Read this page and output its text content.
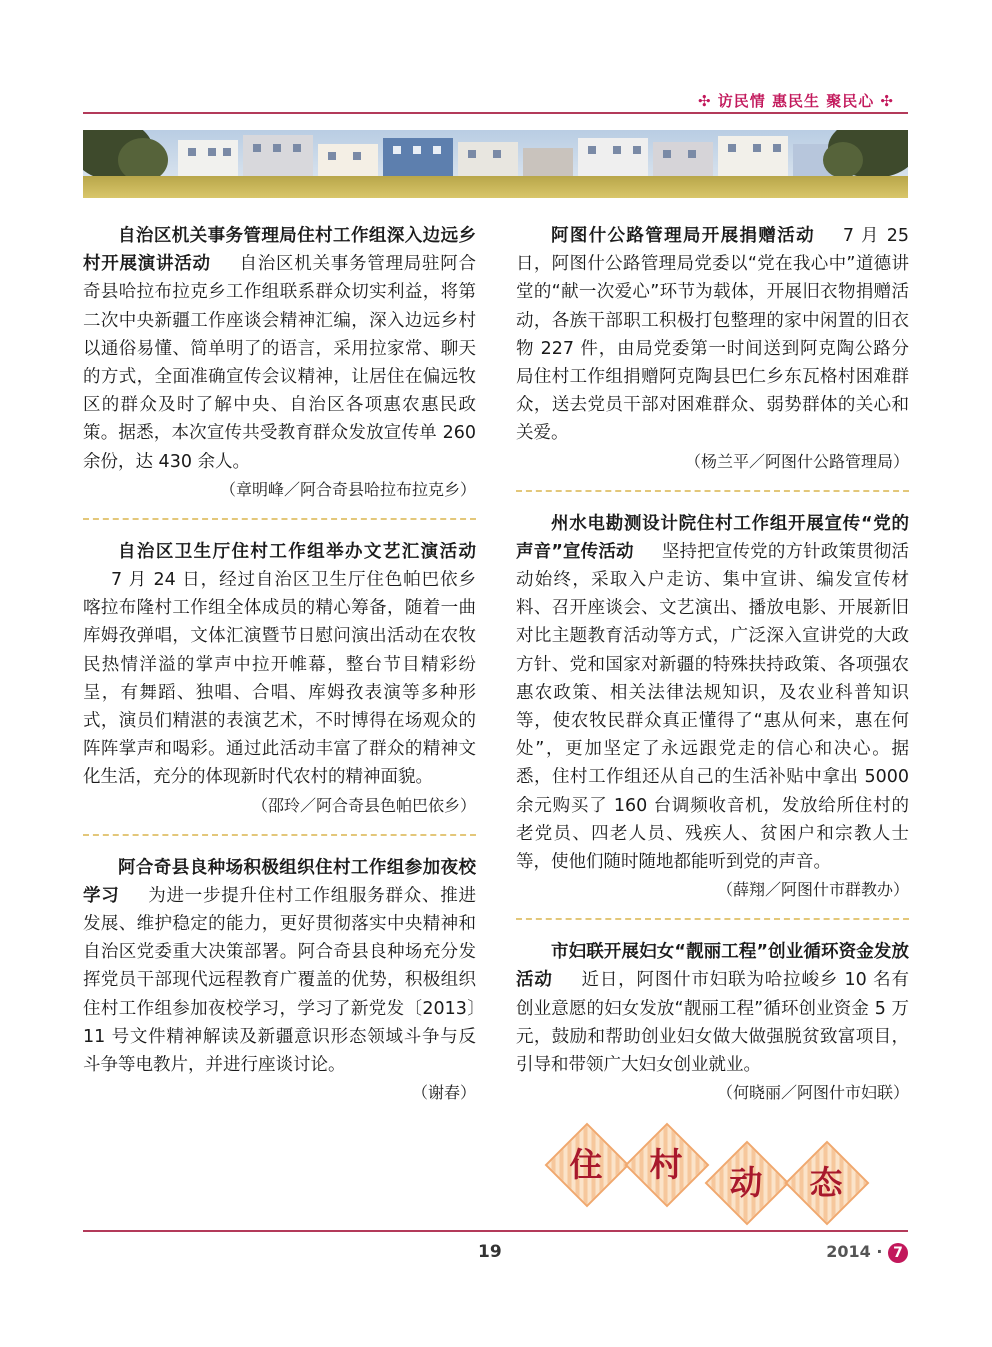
✣ 访民情 惠民生 聚民心 ✣

自治区机关事务管理局住村工作组深入边远乡村开展演讲活动 自治区机关事务管理局驻阿合奇县哈拉布拉克乡工作组联系群众切实利益，将第二次中央新疆工作座谈会精神汇编，深入边远乡村以通俗易懂、简单明了的语言，采用拉家常、聊天的方式，全面准确宣传会议精神，让居住在偏远牧区的群众及时了解中央、自治区各项惠农惠民政策。据悉，本次宣传共受教育群众发放宣传单 260 余份，达 430 余人。
（章明峰／阿合奇县哈拉布拉克乡）

自治区卫生厅住村工作组举办文艺汇演活动7 月 24 日，经过自治区卫生厅住色帕巴依乡喀拉布隆村工作组全体成员的精心筹备，随着一曲库姆孜弹唱，文体汇演暨节日慰问演出活动在农牧民热情洋溢的掌声中拉开帷幕，整台节目精彩纷呈，有舞蹈、独唱、合唱、库姆孜表演等多种形式，演员们精湛的表演艺术，不时博得在场观众的阵阵掌声和喝彩。通过此活动丰富了群众的精神文化生活，充分的体现新时代农村的精神面貌。
（邵玲／阿合奇县色帕巴依乡）

阿合奇县良种场积极组织住村工作组参加夜校学习 为进一步提升住村工作组服务群众、推进发展、维护稳定的能力，更好贯彻落实中央精神和自治区党委重大决策部署。阿合奇县良种场充分发挥党员干部现代远程教育广覆盖的优势，积极组织住村工作组参加夜校学习，学习了新党发〔2013〕11 号文件精神解读及新疆意识形态领域斗争与反斗争等电教片，并进行座谈讨论。
（谢春）

阿图什公路管理局开展捐赠活动 7 月 25 日，阿图什公路管理局党委以“党在我心中”道德讲堂的“献一次爱心”环节为载体，开展旧衣物捐赠活动，各族干部职工积极打包整理的家中闲置的旧衣物 227 件，由局党委第一时间送到阿克陶公路分局住村工作组捐赠阿克陶县巴仁乡东瓦格村困难群众，送去党员干部对困难群众、弱势群体的关心和关爱。
（杨兰平／阿图什公路管理局）

州水电勘测设计院住村工作组开展宣传“党的声音”宣传活动 坚持把宣传党的方针政策贯彻活动始终，采取入户走访、集中宣讲、编发宣传材料、召开座谈会、文艺演出、播放电影、开展新旧对比主题教育活动等方式，广泛深入宣讲党的大政方针、党和国家对新疆的特殊扶持政策、各项强农惠农政策、相关法律法规知识，及农业科普知识等，使农牧民群众真正懂得了“惠从何来，惠在何处”，更加坚定了永远跟党走的信心和决心。据悉，住村工作组还从自己的生活补贴中拿出 5000 余元购买了 160 台调频收音机，发放给所住村的老党员、四老人员、残疾人、贫困户和宗教人士等，使他们随时随地都能听到党的声音。
（薛翔／阿图什市群教办）

市妇联开展妇女“靓丽工程”创业循环资金发放活动 近日，阿图什市妇联为哈拉峻乡 10 名有创业意愿的妇女发放“靓丽工程”循环创业资金 5 万元，鼓励和帮助创业妇女做大做强脱贫致富项目，引导和带领广大妇女创业就业。
（何晓丽／阿图什市妇联）

住	村	动	态
19	2014 · 7
